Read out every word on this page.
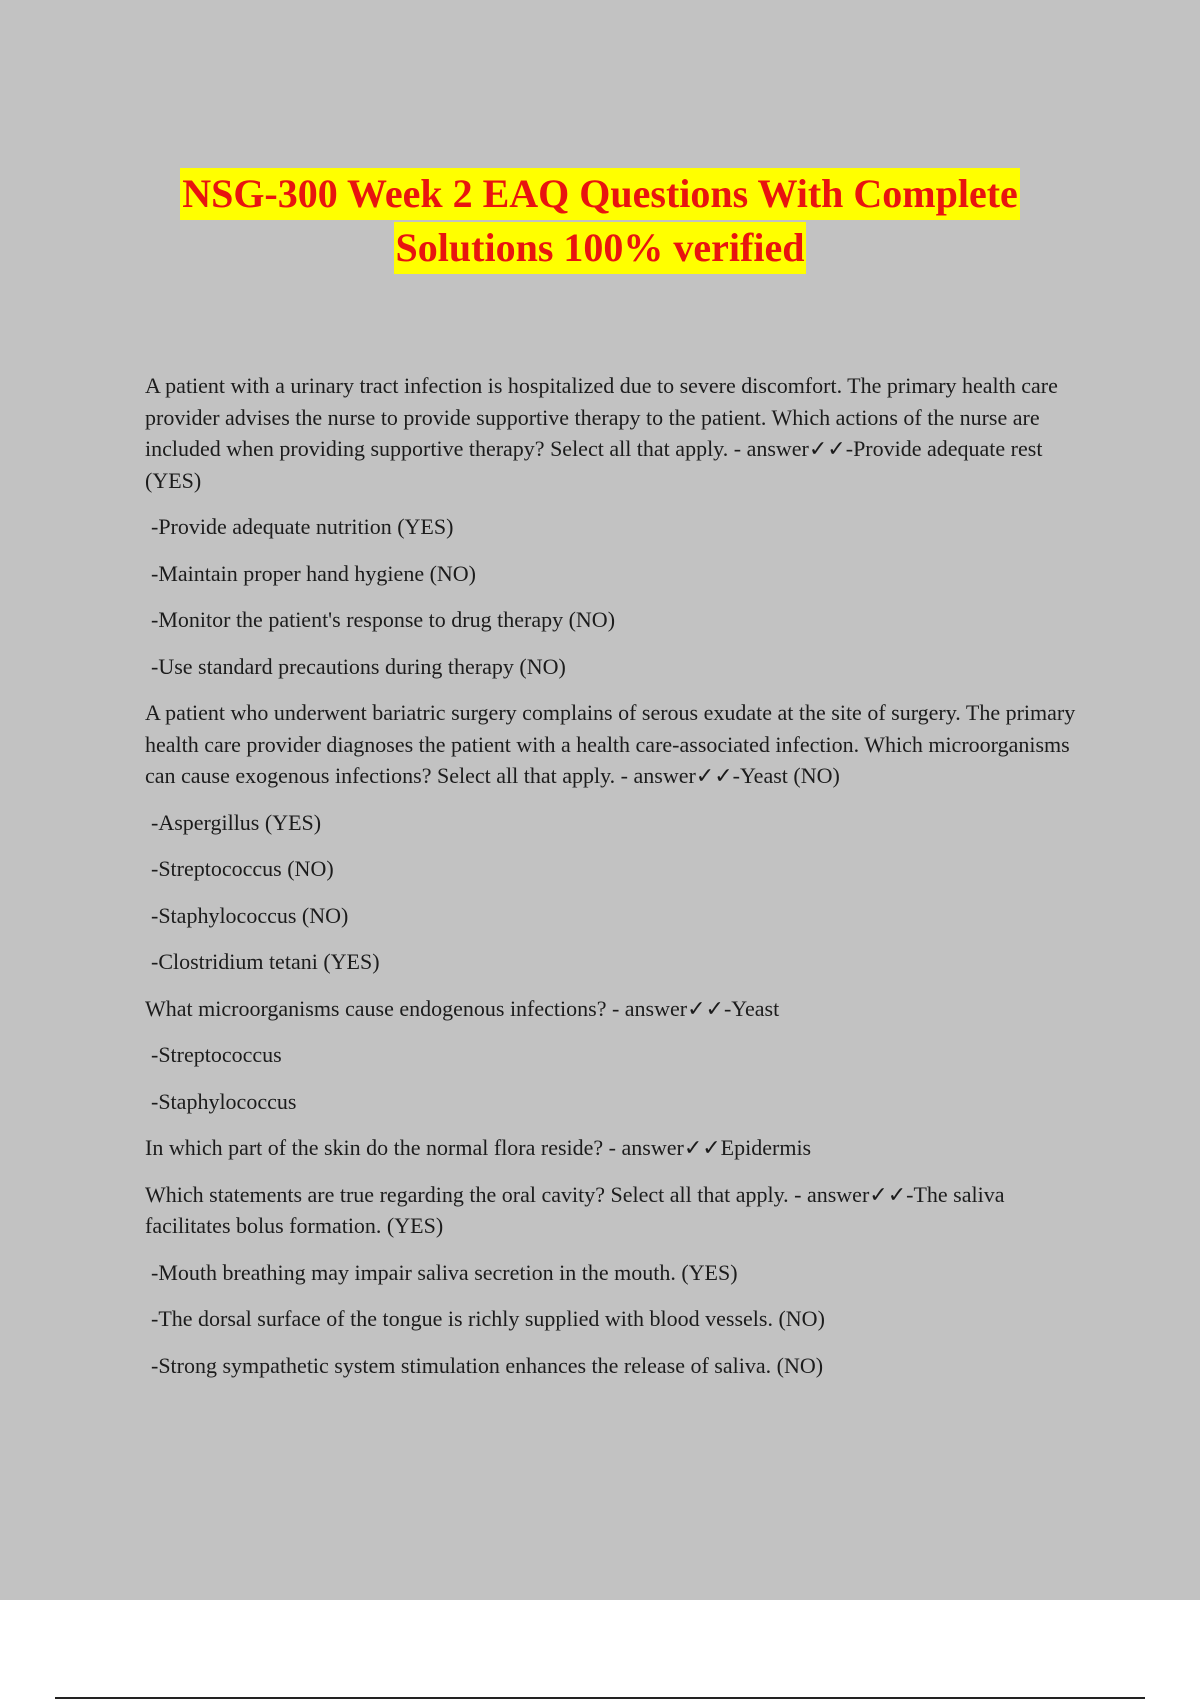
NSG-300 Week 2 EAQ Questions With Complete
Solutions 100% verified
A patient with a urinary tract infection is hospitalized due to severe discomfort. The primary health care provider advises the nurse to provide supportive therapy to the patient. Which actions of the nurse are included when providing supportive therapy? Select all that apply. - answer✓✓-Provide adequate rest (YES)
-Provide adequate nutrition (YES)
-Maintain proper hand hygiene (NO)
-Monitor the patient's response to drug therapy (NO)
-Use standard precautions during therapy (NO)
A patient who underwent bariatric surgery complains of serous exudate at the site of surgery. The primary health care provider diagnoses the patient with a health care-associated infection. Which microorganisms can cause exogenous infections? Select all that apply. - answer✓✓-Yeast (NO)
-Aspergillus (YES)
-Streptococcus (NO)
-Staphylococcus (NO)
-Clostridium tetani (YES)
What microorganisms cause endogenous infections? - answer✓✓-Yeast
-Streptococcus
-Staphylococcus
In which part of the skin do the normal flora reside? - answer✓✓Epidermis
Which statements are true regarding the oral cavity? Select all that apply. - answer✓✓-The saliva facilitates bolus formation. (YES)
-Mouth breathing may impair saliva secretion in the mouth. (YES)
-The dorsal surface of the tongue is richly supplied with blood vessels. (NO)
-Strong sympathetic system stimulation enhances the release of saliva. (NO)
